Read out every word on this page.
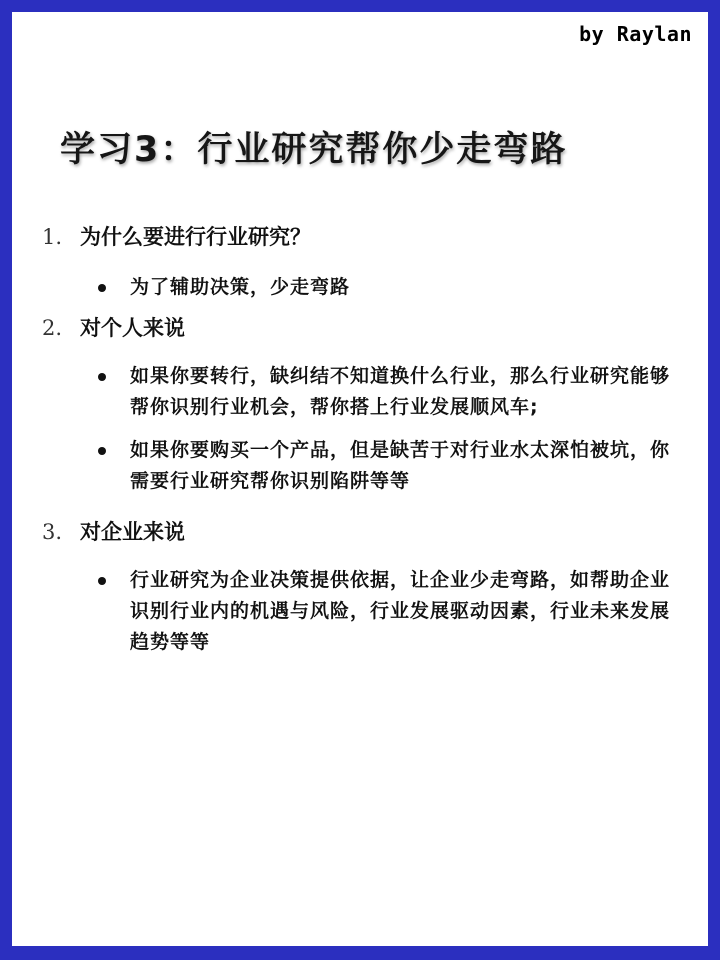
by Raylan
学习3：行业研究帮你少走弯路
1. 为什么要进行行业研究？
为了辅助决策，少走弯路
2. 对个人来说
如果你要转行，缺纠结不知道换什么行业，那么行业研究能够帮你识别行业机会，帮你搭上行业发展顺风车;
如果你要购买一个产品，但是缺苦于对行业水太深怕被坑，你需要行业研究帮你识别陷阱等等
3. 对企业来说
行业研究为企业决策提供依据，让企业少走弯路，如帮助企业识别行业内的机遇与风险，行业发展驱动因素，行业未来发展趋势等等
